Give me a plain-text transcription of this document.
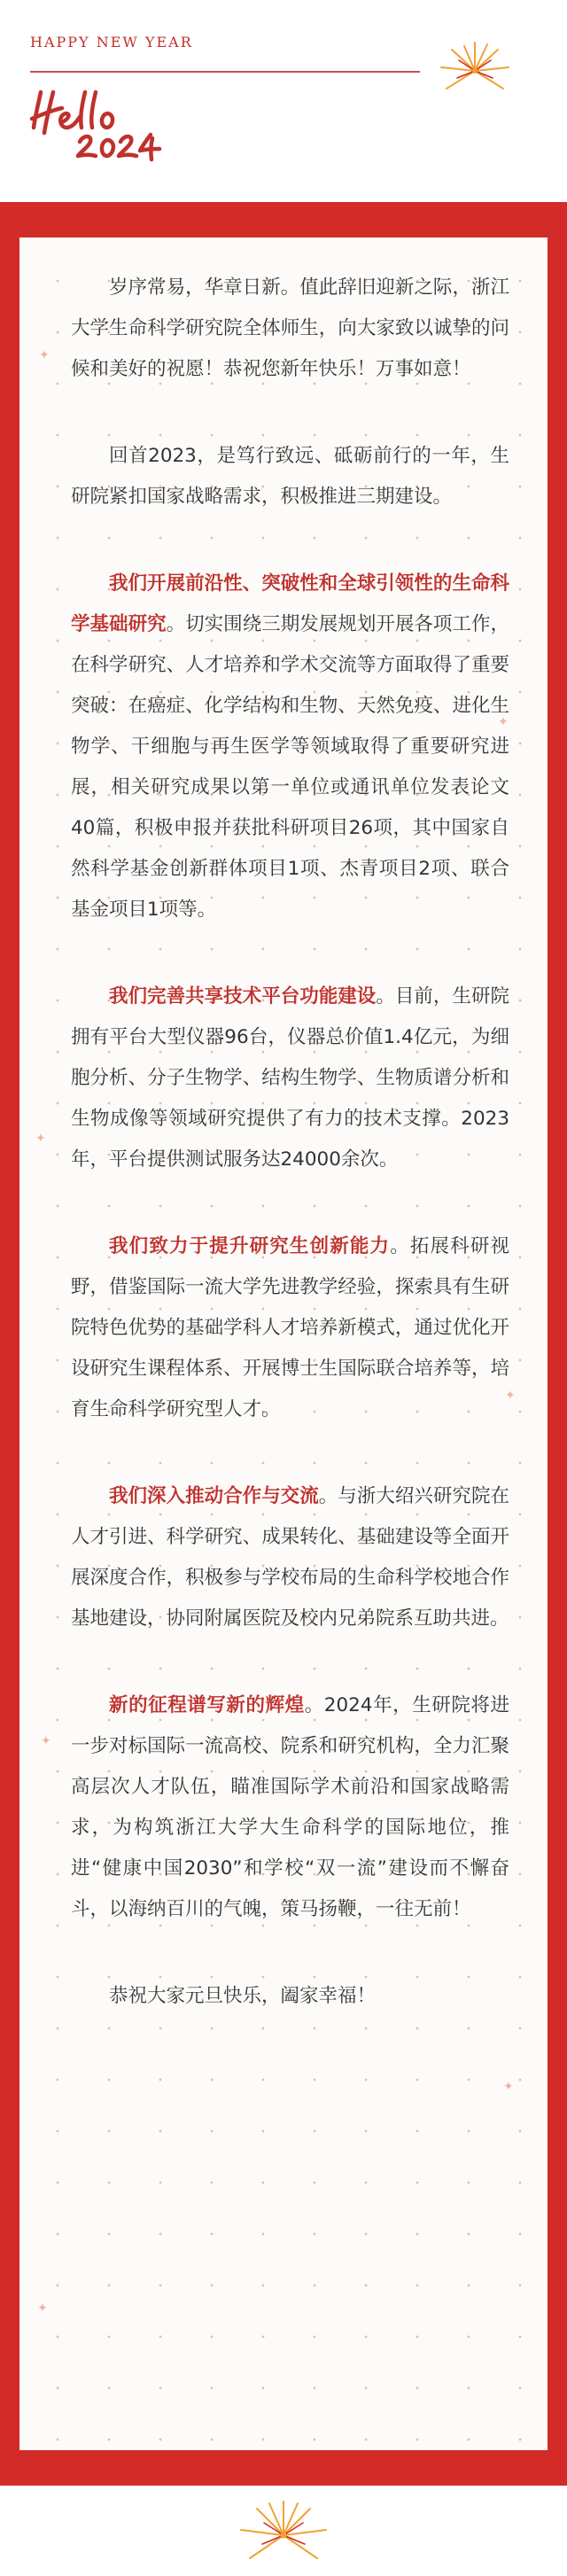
HAPPY NEW YEAR
✦
✦
✦
✦
✦
✦
✦

岁序常易，华章日新。值此辞旧迎新之际，浙江大学生命科学研究院全体师生，向大家致以诚挚的问候和美好的祝愿！恭祝您新年快乐！万事如意！

回首2023，是笃行致远、砥砺前行的一年，生研院紧扣国家战略需求，积极推进三期建设。

我们开展前沿性、突破性和全球引领性的生命科学基础研究。切实围绕三期发展规划开展各项工作，在科学研究、人才培养和学术交流等方面取得了重要突破：在癌症、化学结构和生物、天然免疫、进化生物学、干细胞与再生医学等领域取得了重要研究进展，相关研究成果以第一单位或通讯单位发表论文40篇，积极申报并获批科研项目26项，其中国家自然科学基金创新群体项目1项、杰青项目2项、联合基金项目1项等。

我们完善共享技术平台功能建设。目前，生研院拥有平台大型仪器96台，仪器总价值1.4亿元，为细胞分析、分子生物学、结构生物学、生物质谱分析和生物成像等领域研究提供了有力的技术支撑。2023年，平台提供测试服务达24000余次。

我们致力于提升研究生创新能力。拓展科研视野，借鉴国际一流大学先进教学经验，探索具有生研院特色优势的基础学科人才培养新模式，通过优化开设研究生课程体系、开展博士生国际联合培养等，培育生命科学研究型人才。

我们深入推动合作与交流。与浙大绍兴研究院在人才引进、科学研究、成果转化、基础建设等全面开展深度合作，积极参与学校布局的生命科学校地合作基地建设，协同附属医院及校内兄弟院系互助共进。

新的征程谱写新的辉煌。2024年，生研院将进一步对标国际一流高校、院系和研究机构，全力汇聚高层次人才队伍，瞄准国际学术前沿和国家战略需求，为构筑浙江大学大生命科学的国际地位，推进“健康中国2030”和学校“双一流”建设而不懈奋斗，以海纳百川的气魄，策马扬鞭，一往无前！

恭祝大家元旦快乐，阖家幸福！
